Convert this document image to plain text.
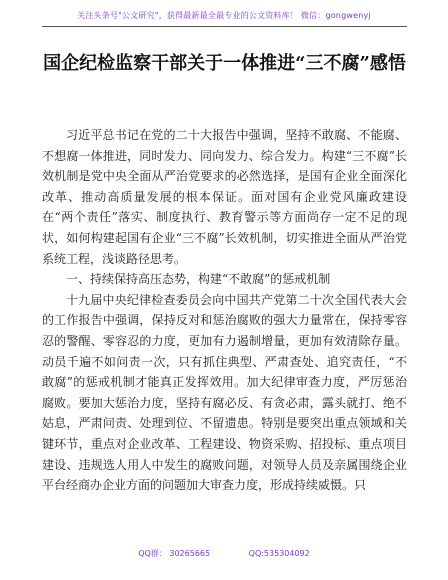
关注头条号"公文研究"，获得最新最全最专业的公文资料库！ 微信：gongwenyj
国企纪检监察干部关于一体推进“三不腐”感悟

习近平总书记在党的二十大报告中强调，坚持不敢腐、不能腐、不想腐一体推进，同时发力、同向发力、综合发力。构建“三不腐”长效机制是党中央全面从严治党要求的必然选择，是国有企业全面深化改革、推动高质量发展的根本保证。面对国有企业党风廉政建设在“两个责任”落实、制度执行、教育警示等方面尚存一定不足的现状，如何构建起国有企业“三不腐”长效机制，切实推进全面从严治党系统工程，浅谈路径思考。

一、持续保持高压态势，构建“不敢腐”的惩戒机制

十九届中央纪律检查委员会向中国共产党第二十次全国代表大会的工作报告中强调，保持反对和惩治腐败的强大力量常在，保持零容忍的警醒、零容忍的力度，更加有力遏制增量，更加有效清除存量。动员千遍不如问责一次，只有抓住典型、严肃查处、追究责任，“不敢腐”的惩戒机制才能真正发挥效用。加大纪律审查力度，严厉惩治腐败。要加大惩治力度，坚持有腐必反、有贪必肃，露头就打、绝不姑息，严肃问责、处理到位、不留遗患。特别是要突出重点领域和关键环节，重点对企业改革、工程建设、物资采购、招投标、重点项目建设、违规选人用人中发生的腐败问题，对领导人员及亲属围绕企业平台经商办企业方面的问题加大审查力度，形成持续威慑。只

QQ群： 30265665	QQ:535304092
